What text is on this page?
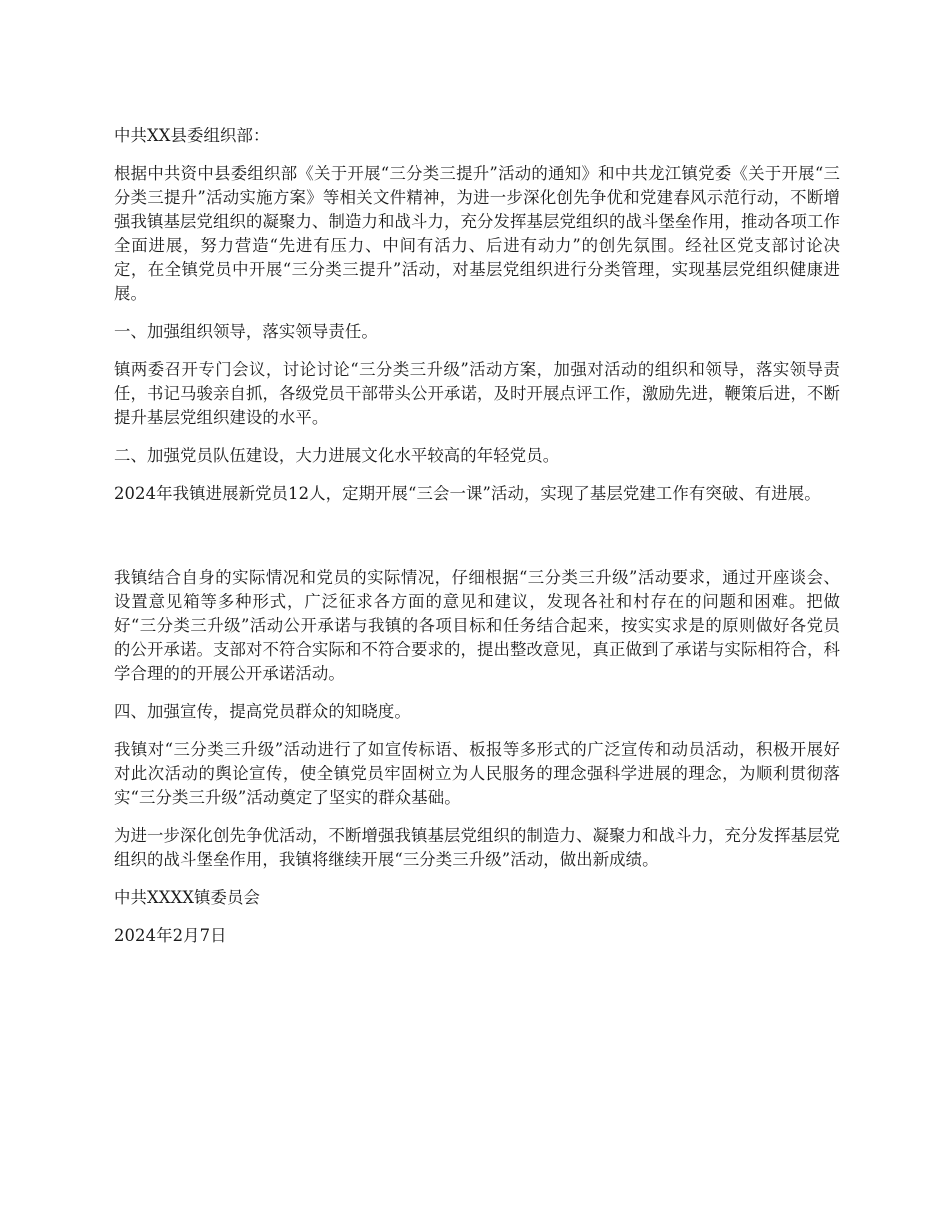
中共XX县委组织部：

根据中共资中县委组织部《关于开展“三分类三提升”活动的通知》和中共龙江镇党委《关于开展“三分类三提升”活动实施方案》等相关文件精神，为进一步深化创先争优和党建春风示范行动，不断增强我镇基层党组织的凝聚力、制造力和战斗力，充分发挥基层党组织的战斗堡垒作用，推动各项工作全面进展，努力营造“先进有压力、中间有活力、后进有动力”的创先氛围。经社区党支部讨论决定，在全镇党员中开展“三分类三提升”活动，对基层党组织进行分类管理，实现基层党组织健康进展。

一、加强组织领导，落实领导责任。

镇两委召开专门会议，讨论讨论“三分类三升级”活动方案，加强对活动的组织和领导，落实领导责任，书记马骏亲自抓，各级党员干部带头公开承诺，及时开展点评工作，激励先进，鞭策后进，不断提升基层党组织建设的水平。

二、加强党员队伍建设，大力进展文化水平较高的年轻党员。

2024年我镇进展新党员12人，定期开展“三会一课”活动，实现了基层党建工作有突破、有进展。

我镇结合自身的实际情况和党员的实际情况，仔细根据“三分类三升级”活动要求，通过开座谈会、设置意见箱等多种形式，广泛征求各方面的意见和建议，发现各社和村存在的问题和困难。把做好“三分类三升级”活动公开承诺与我镇的各项目标和任务结合起来，按实实求是的原则做好各党员的公开承诺。支部对不符合实际和不符合要求的，提出整改意见，真正做到了承诺与实际相符合，科学合理的的开展公开承诺活动。

四、加强宣传，提高党员群众的知晓度。

我镇对“三分类三升级”活动进行了如宣传标语、板报等多形式的广泛宣传和动员活动，积极开展好对此次活动的舆论宣传，使全镇党员牢固树立为人民服务的理念强科学进展的理念，为顺利贯彻落实“三分类三升级”活动奠定了坚实的群众基础。

为进一步深化创先争优活动，不断增强我镇基层党组织的制造力、凝聚力和战斗力，充分发挥基层党组织的战斗堡垒作用，我镇将继续开展“三分类三升级”活动，做出新成绩。

中共XXXX镇委员会

2024年2月7日
